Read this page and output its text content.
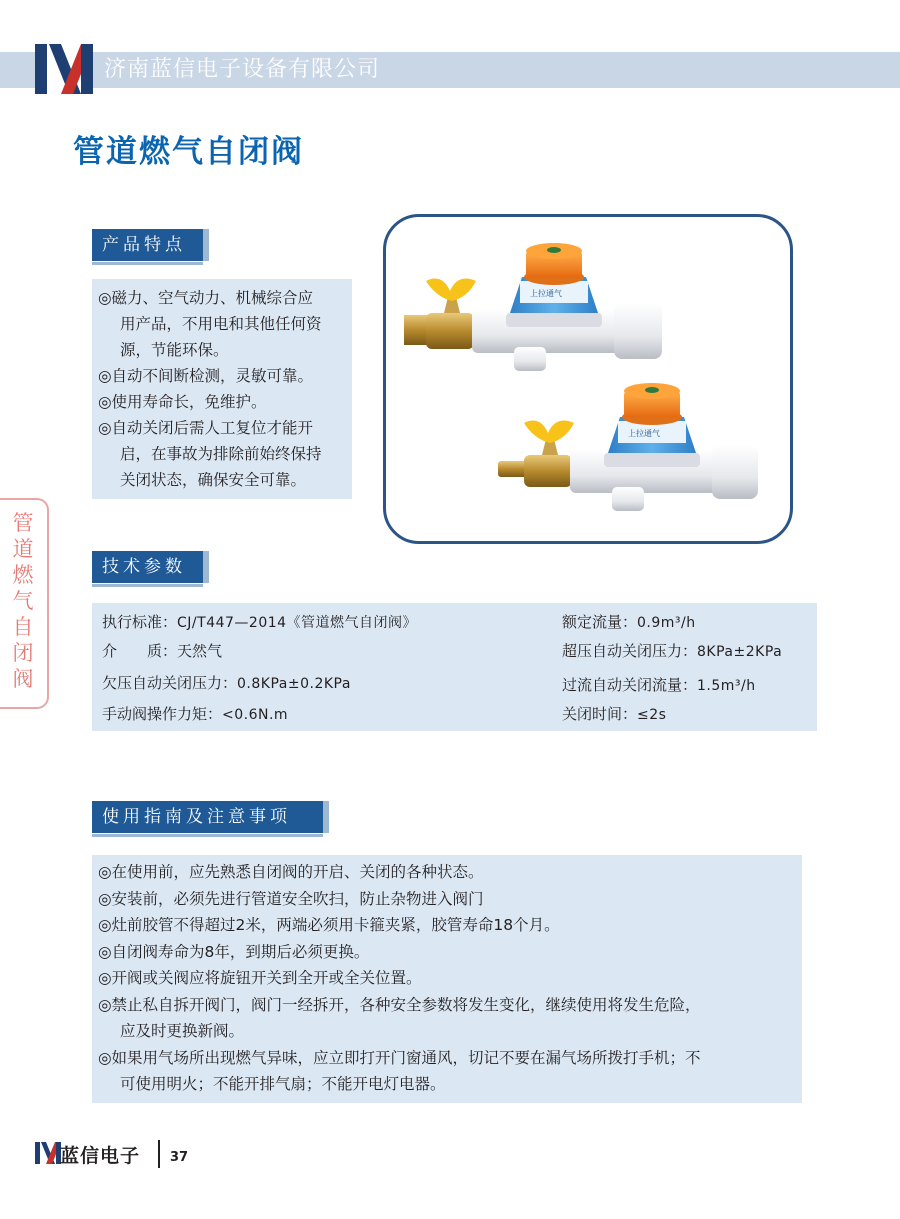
济南蓝信电子设备有限公司
管道燃气自闭阀
产品特点
◎磁力、空气动力、机械综合应
用产品，不用电和其他任何资
源，节能环保。
◎自动不间断检测，灵敏可靠。
◎使用寿命长，免维护。
◎自动关闭后需人工复位才能开
启，在事故为排除前始终保持
关闭状态，确保安全可靠。
上拉通气
上拉通气
管道燃气自闭阀
技术参数
执行标准：CJ/T447—2014《管道燃气自闭阀》	额定流量：0.9m³/h
介　　质：天然气	超压自动关闭压力：8KPa±2KPa
欠压自动关闭压力：0.8KPa±0.2KPa	过流自动关闭流量：1.5m³/h
手动阀操作力矩：<0.6N.m	关闭时间：≤2s
使用指南及注意事项
◎在使用前，应先熟悉自闭阀的开启、关闭的各种状态。
◎安装前，必须先进行管道安全吹扫，防止杂物进入阀门
◎灶前胶管不得超过2米，两端必须用卡箍夹紧，胶管寿命18个月。
◎自闭阀寿命为8年，到期后必须更换。
◎开阀或关阀应将旋钮开关到全开或全关位置。
◎禁止私自拆开阀门，阀门一经拆开，各种安全参数将发生变化，继续使用将发生危险，
应及时更换新阀。
◎如果用气场所出现燃气异味，应立即打开门窗通风，切记不要在漏气场所拨打手机；不
可使用明火；不能开排气扇；不能开电灯电器。
蓝信电子 37
